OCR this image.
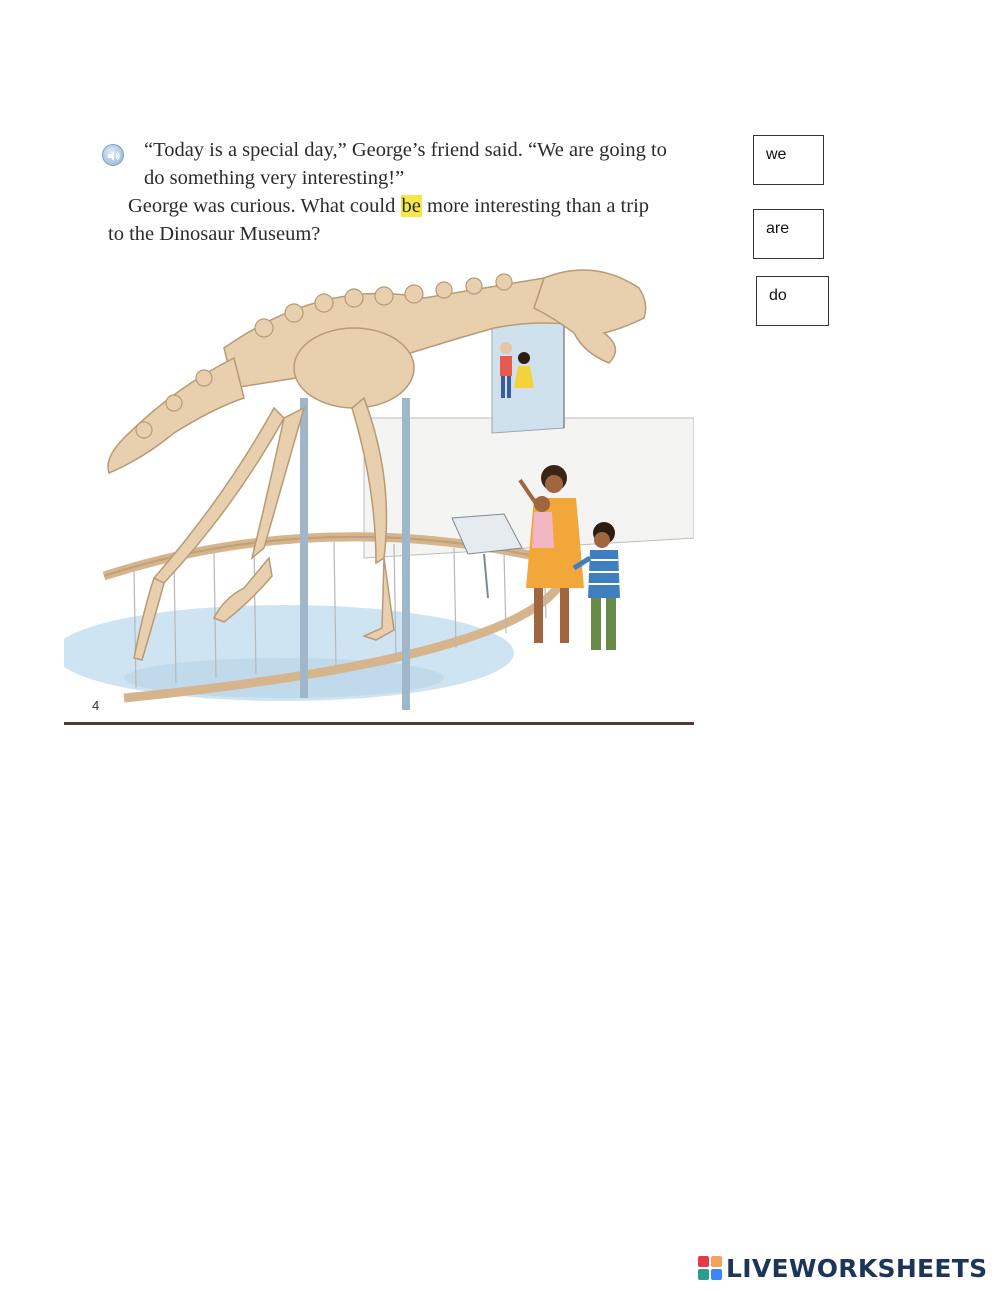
“Today is a special day,” George’s friend said. “We are going to do something very interesting!”

George was curious. What could be more interesting than a trip to the Dinosaur Museum?

4
we
are
do
LIVEWORKSHEETS
